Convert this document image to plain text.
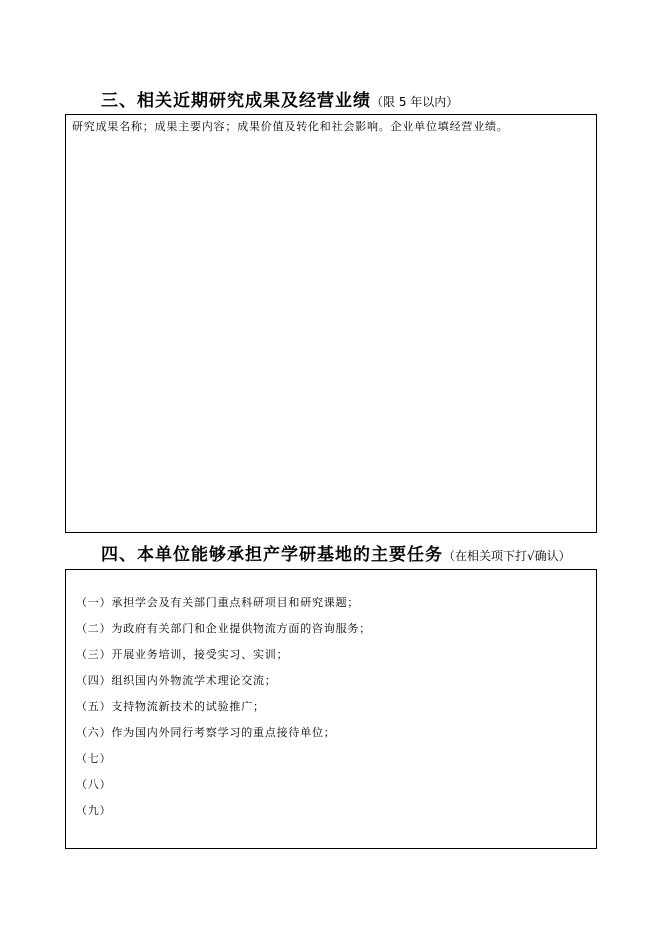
三、相关近期研究成果及经营业绩（限 5 年以内）
研究成果名称；成果主要内容；成果价值及转化和社会影响。企业单位填经营业绩。
四、本单位能够承担产学研基地的主要任务（在相关项下打√确认）
（一）承担学会及有关部门重点科研项目和研究课题；
（二）为政府有关部门和企业提供物流方面的咨询服务；
（三）开展业务培训，接受实习、实训；
（四）组织国内外物流学术理论交流；
（五）支持物流新技术的试验推广；
（六）作为国内外同行考察学习的重点接待单位；
（七）
（八）
（九）
